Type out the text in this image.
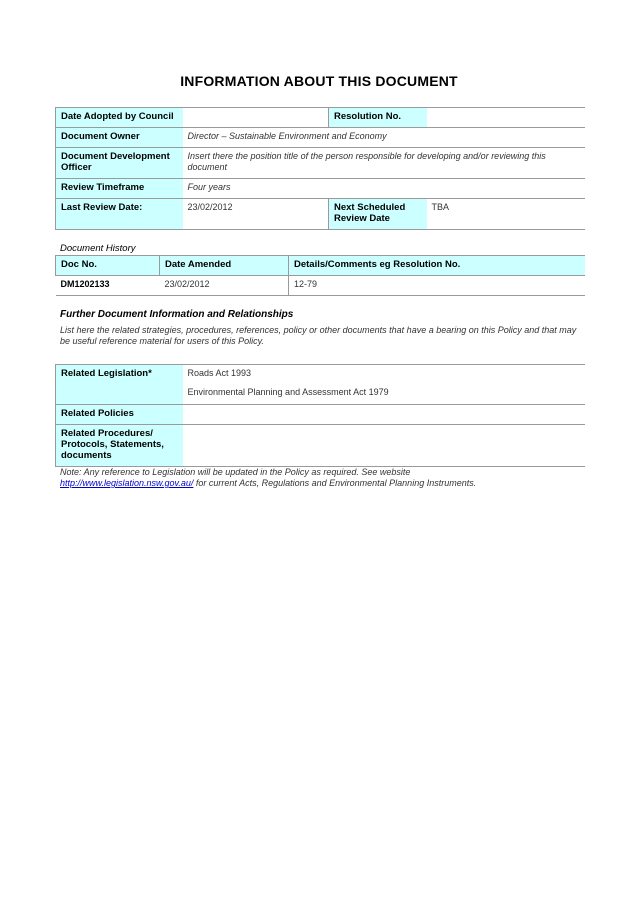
INFORMATION ABOUT THIS DOCUMENT
Date Adopted by Council		Resolution No.	
Document Owner	Director – Sustainable Environment and Economy		
Document Development Officer	Insert there the position title of the person responsible for developing and/or reviewing this document		
Review Timeframe	Four years		
Last Review Date:	23/02/2012	Next Scheduled Review Date	TBA
Document History
Doc No.	Date Amended	Details/Comments eg Resolution No.
DM1202133	23/02/2012	12-79
Further Document Information and Relationships
List here the related strategies, procedures, references, policy or other documents that have a bearing on this Policy and that may be useful reference material for users of this Policy.
Related Legislation*	Roads Act 1993
Environmental Planning and Assessment Act 1979

Related Policies	
Related Procedures/ Protocols, Statements, documents	
Note: Any reference to Legislation will be updated in the Policy as required. See website
http://www.legislation.nsw.gov.au/ for current Acts, Regulations and Environmental Planning Instruments.
